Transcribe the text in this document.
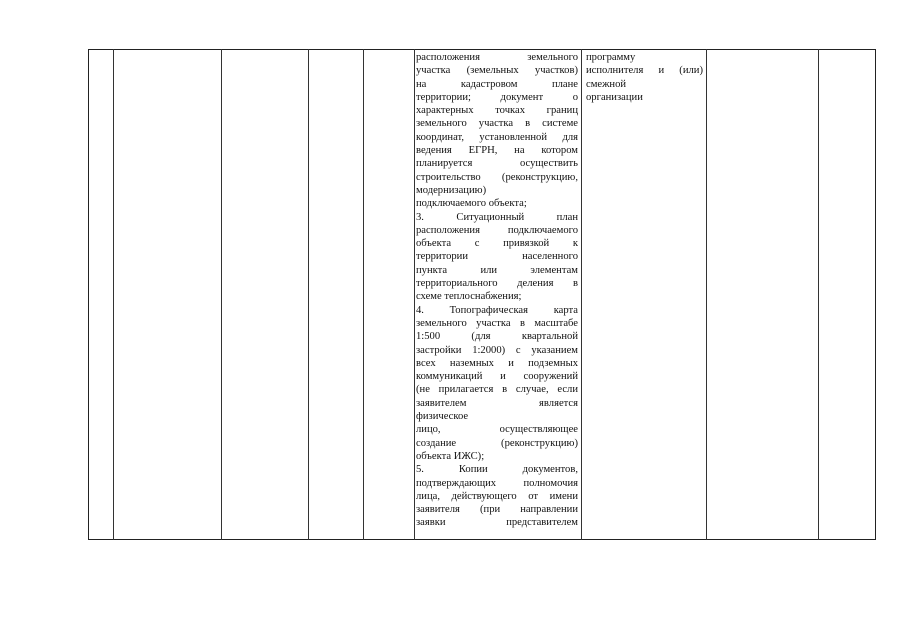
расположения земельного
участка (земельных участков)
на кадастровом плане
территории; документ о
характерных точках границ
земельного участка в системе
координат, установленной для
ведения ЕГРН, на котором
планируется осуществить
строительство (реконструкцию,
модернизацию)
подключаемого объекта;
3. Ситуационный план
расположения подключаемого
объекта с привязкой к
территории населенного
пункта или элементам
территориального деления в
схеме теплоснабжения;
4. Топографическая карта
земельного участка в масштабе
1:500 (для квартальной
застройки 1:2000) с указанием
всех наземных и подземных
коммуникаций и сооружений
(не прилагается в случае, если
заявителем является
физическое
лицо, осуществляющее
создание (реконструкцию)
объекта ИЖС);
5. Копии документов,
подтверждающих полномочия
лица, действующего от имени
заявителя (при направлении
заявки представителем
программу
исполнителя и (или)
смежной
организации
